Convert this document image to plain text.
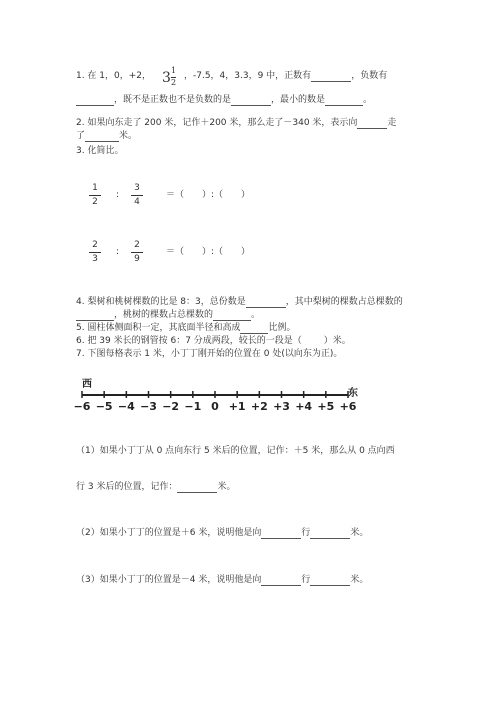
1. 在 1，0，+2， 3 1
2
，-7.5，4，3.3，9 中，正数有	，负数有
，既不是正数也不是负数的是	，最小的数是	。
2. 如果向东走了 200 米，记作＋200 米，那么走了－340 米，表示向	走
了	米。
3. 化简比。
1
2
:
3
4
＝（　　）:（　　）
2
3
:
2
9
＝（　　）:（　　）
4. 梨树和桃树棵数的比是 8：3，总份数是	，其中梨树的棵数占总棵数的
，桃树的棵数占总棵数的	。
5. 圆柱体侧面积一定，其底面半径和高成	比例。
6. 把 39 米长的钢管按 6：7 分成两段，较长的一段是（ ）米。
7. 下图每格表示 1 米，小丁丁刚开始的位置在 0 处(以向东为正)。
−6 −5 −4 −3 −2 −1 0 +1 +2 +3 +4 +5 +6
西
东
（1）如果小丁丁从 0 点向东行 5 米后的位置，记作：＋5 米，那么从 0 点向西
行 3 米后的位置，记作：	米。
（2）如果小丁丁的位置是＋6 米，说明他是向	行	米。
（3）如果小丁丁的位置是－4 米，说明他是向	行	米。
